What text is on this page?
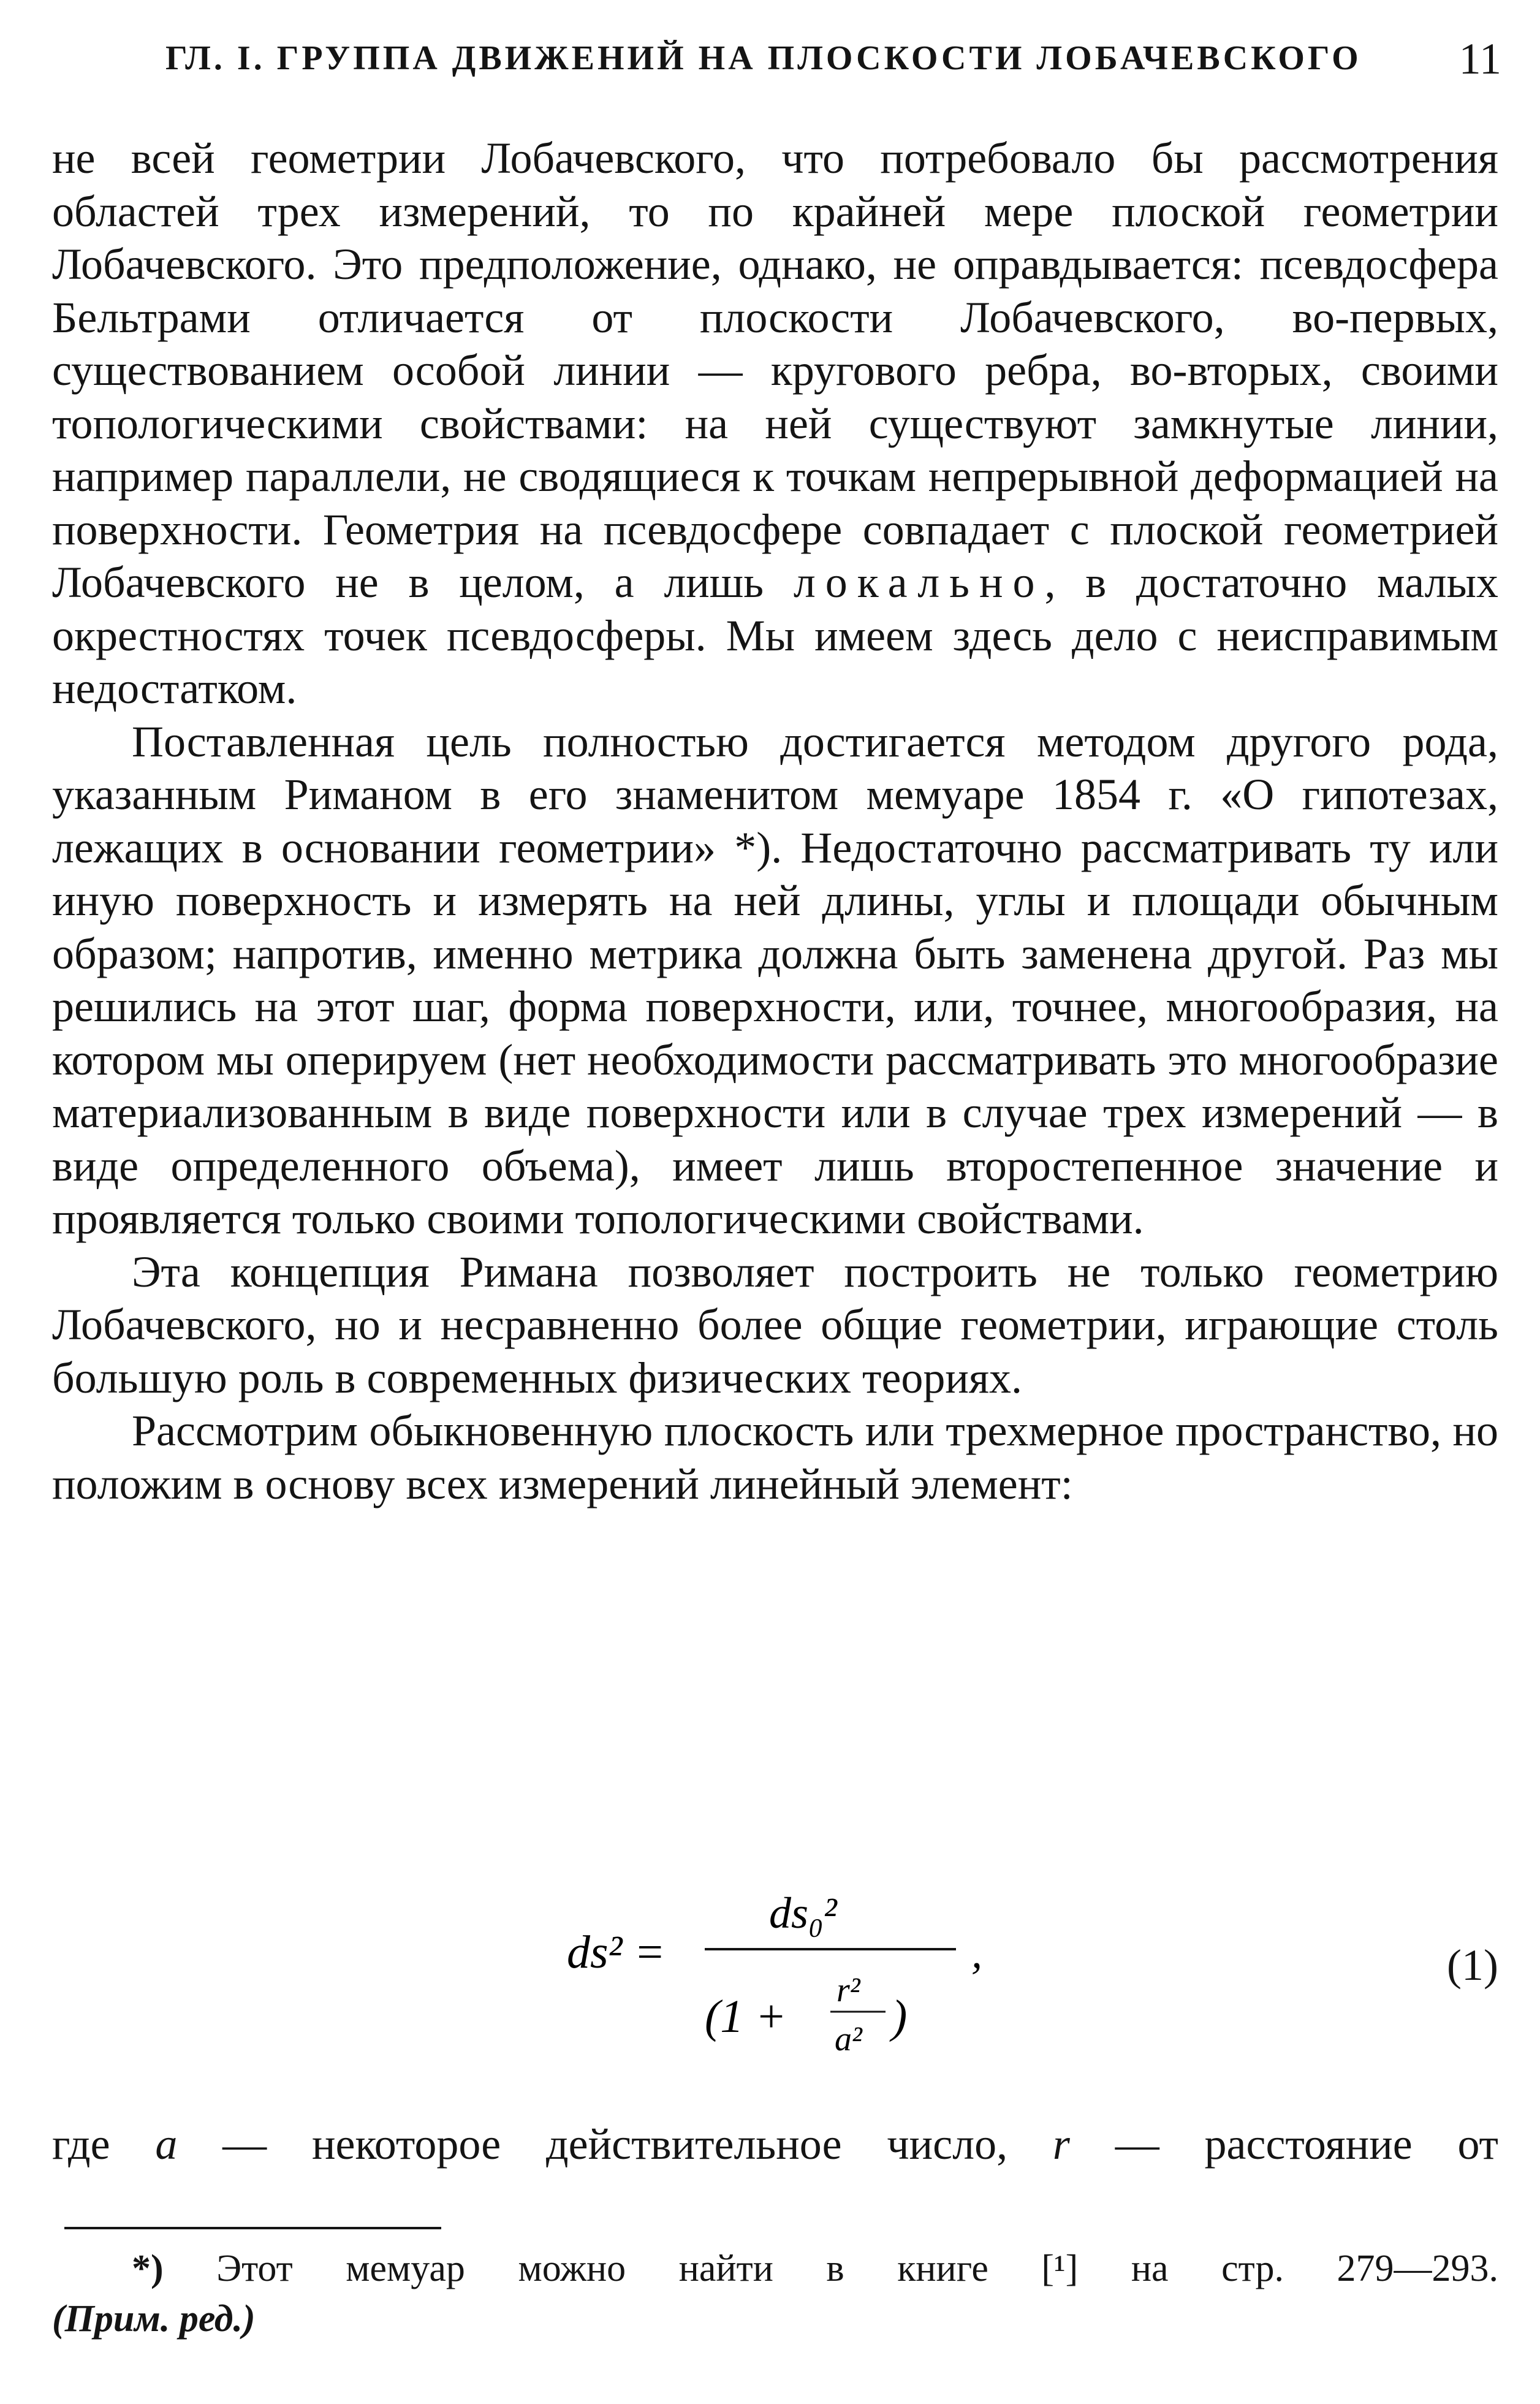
ГЛ. I. ГРУППА ДВИЖЕНИЙ НА ПЛОСКОСТИ ЛОБАЧЕВСКОГО 11

не всей геометрии Лобачевского, что потребовало бы рассмотрения областей трех измерений, то по крайней мере плоской геометрии Лобачевского. Это предположение, однако, не оправдывается: псевдосфера Бельтрами отличается от плоскости Лобачевского, во-первых, существованием особой линии — кругового ребра, во-вторых, своими топологическими свойствами: на ней существуют замкнутые линии, например параллели, не сводящиеся к точкам непрерывной деформацией на поверхности. Геометрия на псевдосфере совпадает с плоской геометрией Лобачевского не в целом, а лишь локально, в достаточно малых окрестностях точек псевдосферы. Мы имеем здесь дело с неисправимым недостатком.

Поставленная цель полностью достигается методом другого рода, указанным Риманом в его знаменитом мемуаре 1854 г. «О гипотезах, лежащих в основании геометрии» *). Недостаточно рассматривать ту или иную поверхность и измерять на ней длины, углы и площади обычным образом; напротив, именно метрика должна быть заменена другой. Раз мы решились на этот шаг, форма поверхности, или, точнее, многообразия, на котором мы оперируем (нет необходимости рассматривать это многообразие материализованным в виде поверхности или в случае трех измерений — в виде определенного объема), имеет лишь второстепенное значение и проявляется только своими топологическими свойствами.

Эта концепция Римана позволяет построить не только геометрию Лобачевского, но и несравненно более общие геометрии, играющие столь большую роль в современных физических теориях.

Рассмотрим обыкновенную плоскость или трехмерное пространство, но положим в основу всех измерений линейный элемент:

ds² =
ds₀²
(1 +
r²
a² )
,	(1)
где a — некоторое действительное число, r — расстояние от
*) Этот мемуар можно найти в книге [¹] на стр. 279—293.
(Прим. ред.)
